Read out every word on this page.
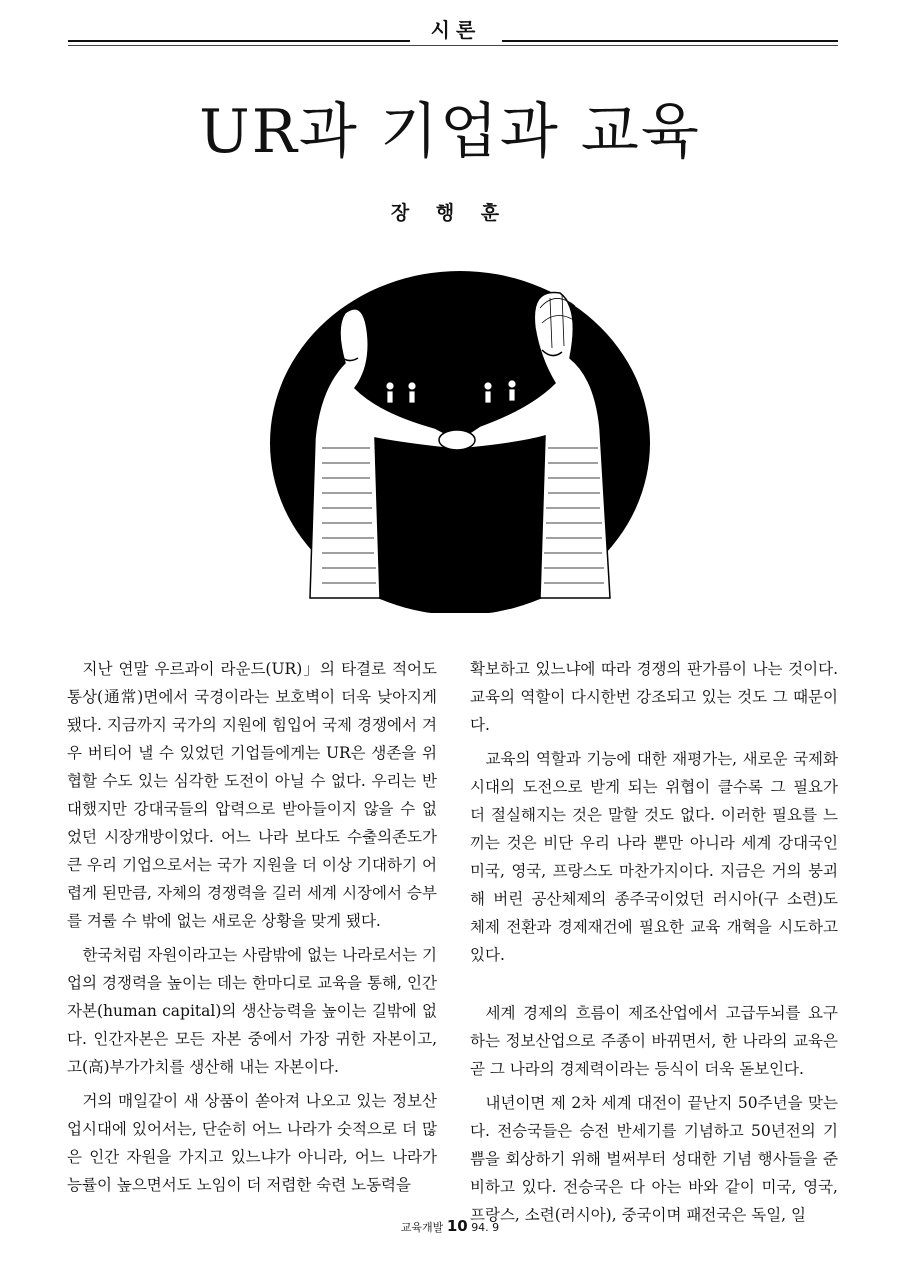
시론
UR과 기업과 교육
장 행 훈

지난 연말 우르과이 라운드(UR)」의 타결로 적어도 통상(通常)면에서 국경이라는 보호벽이 더욱 낮아지게 됐다. 지금까지 국가의 지원에 힘입어 국제 경쟁에서 겨우 버티어 낼 수 있었던 기업들에게는 UR은 생존을 위협할 수도 있는 심각한 도전이 아닐 수 없다. 우리는 반대했지만 강대국들의 압력으로 받아들이지 않을 수 없었던 시장개방이었다. 어느 나라 보다도 수출의존도가 큰 우리 기업으로서는 국가 지원을 더 이상 기대하기 어렵게 된만큼, 자체의 경쟁력을 길러 세계 시장에서 승부를 겨룰 수 밖에 없는 새로운 상황을 맞게 됐다.

한국처럼 자원이라고는 사람밖에 없는 나라로서는 기업의 경쟁력을 높이는 데는 한마디로 교육을 통해, 인간자본(human capital)의 생산능력을 높이는 길밖에 없다. 인간자본은 모든 자본 중에서 가장 귀한 자본이고, 고(高)부가가치를 생산해 내는 자본이다.

거의 매일같이 새 상품이 쏟아져 나오고 있는 정보산업시대에 있어서는, 단순히 어느 나라가 숫적으로 더 많은 인간 자원을 가지고 있느냐가 아니라, 어느 나라가 능률이 높으면서도 노임이 더 저렴한 숙련 노동력을

확보하고 있느냐에 따라 경쟁의 판가름이 나는 것이다. 교육의 역할이 다시한번 강조되고 있는 것도 그 때문이다.

교육의 역할과 기능에 대한 재평가는, 새로운 국제화시대의 도전으로 받게 되는 위협이 클수록 그 필요가 더 절실해지는 것은 말할 것도 없다. 이러한 필요를 느끼는 것은 비단 우리 나라 뿐만 아니라 세계 강대국인 미국, 영국, 프랑스도 마찬가지이다. 지금은 거의 붕괴해 버린 공산체제의 종주국이었던 러시아(구 소련)도 체제 전환과 경제재건에 필요한 교육 개혁을 시도하고 있다.

세계 경제의 흐름이 제조산업에서 고급두뇌를 요구하는 정보산업으로 주종이 바뀌면서, 한 나라의 교육은 곧 그 나라의 경제력이라는 등식이 더욱 돋보인다.

내년이면 제 2차 세계 대전이 끝난지 50주년을 맞는다. 전승국들은 승전 반세기를 기념하고 50년전의 기쁨을 회상하기 위해 벌써부터 성대한 기념 행사들을 준비하고 있다. 전승국은 다 아는 바와 같이 미국, 영국, 프랑스, 소련(러시아), 중국이며 패전국은 독일, 일

교육개발 10 94. 9
